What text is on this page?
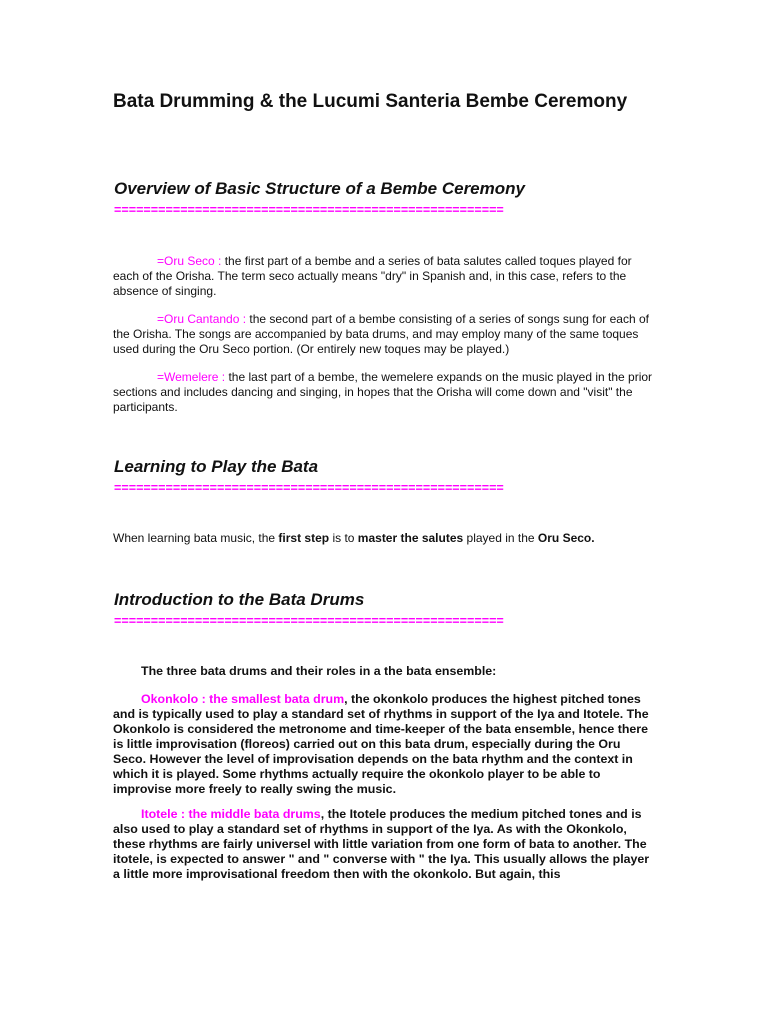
Bata Drumming & the Lucumi Santeria Bembe Ceremony
Overview of Basic Structure of a Bembe Ceremony
=====================================================

=Oru Seco : the first part of a bembe and a series of bata salutes called toques played for each of the Orisha. The term seco actually means "dry" in Spanish and, in this case, refers to the absence of singing.

=Oru Cantando : the second part of a bembe consisting of a series of songs sung for each of the Orisha. The songs are accompanied by bata drums, and may employ many of the same toques used during the Oru Seco portion. (Or entirely new toques may be played.)

=Wemelere : the last part of a bembe, the wemelere expands on the music played in the prior sections and includes dancing and singing, in hopes that the Orisha will come down and "visit" the participants.

Learning to Play the Bata
=====================================================

When learning bata music, the first step is to master the salutes played in the Oru Seco.

Introduction to the Bata Drums
=====================================================

The three bata drums and their roles in a the bata ensemble:

Okonkolo : the smallest bata drum, the okonkolo produces the highest pitched tones and is typically used to play a standard set of rhythms in support of the Iya and Itotele. The Okonkolo is considered the metronome and time-keeper of the bata ensemble, hence there is little improvisation (floreos) carried out on this bata drum, especially during the Oru Seco. However the level of improvisation depends on the bata rhythm and the context in which it is played. Some rhythms actually require the okonkolo player to be able to improvise more freely to really swing the music.

Itotele : the middle bata drums, the Itotele produces the medium pitched tones and is also used to play a standard set of rhythms in support of the Iya. As with the Okonkolo, these rhythms are fairly universel with little variation from one form of bata to another. The itotele, is expected to answer " and " converse with " the Iya. This usually allows the player a little more improvisational freedom then with the okonkolo. But again, this
